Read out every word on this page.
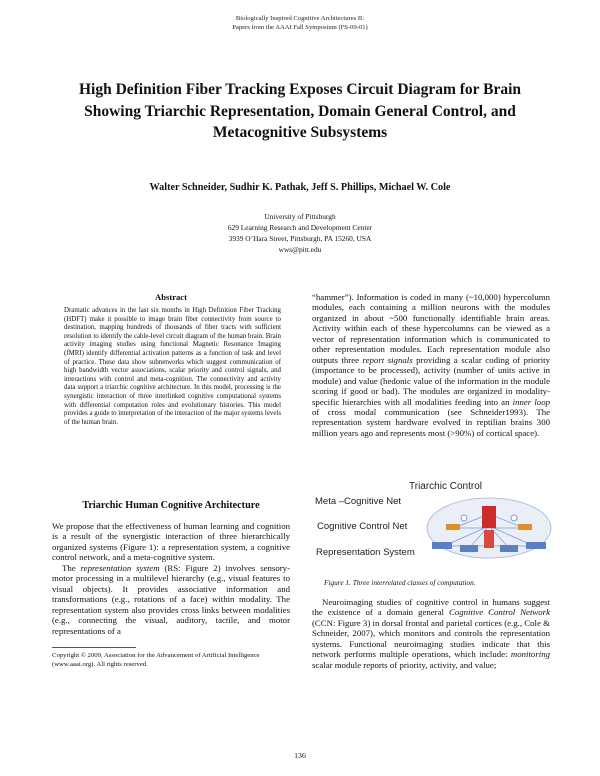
Biologically Inspired Cognitive Architectures II:
Papers from the AAAI Fall Symposium (FS-09-01)
High Definition Fiber Tracking Exposes Circuit Diagram for Brain
Showing Triarchic Representation, Domain General Control, and
Metacognitive Subsystems
Walter Schneider, Sudhir K. Pathak, Jeff S. Phillips, Michael W. Cole
University of Pittsburgh
629 Learning Research and Development Center
3939 O’Hara Street, Pittsburgh, PA 15260, USA
wws@pitt.edu
Abstract
Dramatic advances in the last six months in High Definition Fiber Tracking (HDFT) make it possible to image brain fiber connectivity from source to destination, mapping hundreds of thousands of fiber tracts with sufficient resolution to identify the cable-level circuit diagram of the human brain. Brain activity imaging studies using functional Magnetic Resonance Imaging (fMRI) identify differential activation patterns as a function of task and level of practice. These data show subnetworks which suggest communication of high bandwidth vector associations, scalar priority and control signals, and interactions with control and meta-cognition. The connectivity and activity data support a triarchic cognitive architecture. In this model, processing is the synergistic interaction of three interlinked cognitive computational systems with differential computation roles and evolutionary histories. This model provides a guide to interpretation of the interaction of the major systems levels of the human brain.
Triarchic Human Cognitive Architecture

We propose that the effectiveness of human learning and cognition is a result of the synergistic interaction of three hierarchically organized systems (Figure 1): a representation system, a cognitive control network, and a meta-cognitive system.

The representation system (RS: Figure 2) involves sensory-motor processing in a multilevel hierarchy (e.g., visual features to visual objects). It provides associative information and transformations (e.g., rotations of a face) within modality. The representation system also provides cross links between modalities (e.g., connecting the visual, auditory, tactile, and motor representations of a

“hammer”). Information is coded in many (~10,000) hypercolumn modules, each containing a million neurons with the modules organized in about ~500 functionally identifiable brain areas. Activity within each of these hypercolumns can be viewed as a vector of representation information which is communicated to other representation modules. Each representation module also outputs three report signals providing a scalar coding of priority (importance to be processed), activity (number of units active in module) and value (hedonic value of the information in the module scoring if good or bad). The modules are organized in modality-specific hierarchies with all modalities feeding into an inner loop of cross modal communication (see Schneider1993). The representation system hardware evolved in reptilian brains 300 million years ago and represents most (>90%) of cortical space).

Triarchic Control
Meta –Cognitive Net
Cognitive Control Net
Representation System
Figure 1. Three interrelated classes of computation.

Neuroimaging studies of cognitive control in humans suggest the existence of a domain general Cognitive Control Network (CCN: Figure 3) in dorsal frontal and parietal cortices (e.g., Cole & Schneider, 2007), which monitors and controls the representation systems. Functional neuroimaging studies indicate that this network performs multiple operations, which include: monitoring scalar module reports of priority, activity, and value;

Copyright © 2009, Association for the Advancement of Artificial Intelligence (www.aaai.org). All rights reserved.
136
